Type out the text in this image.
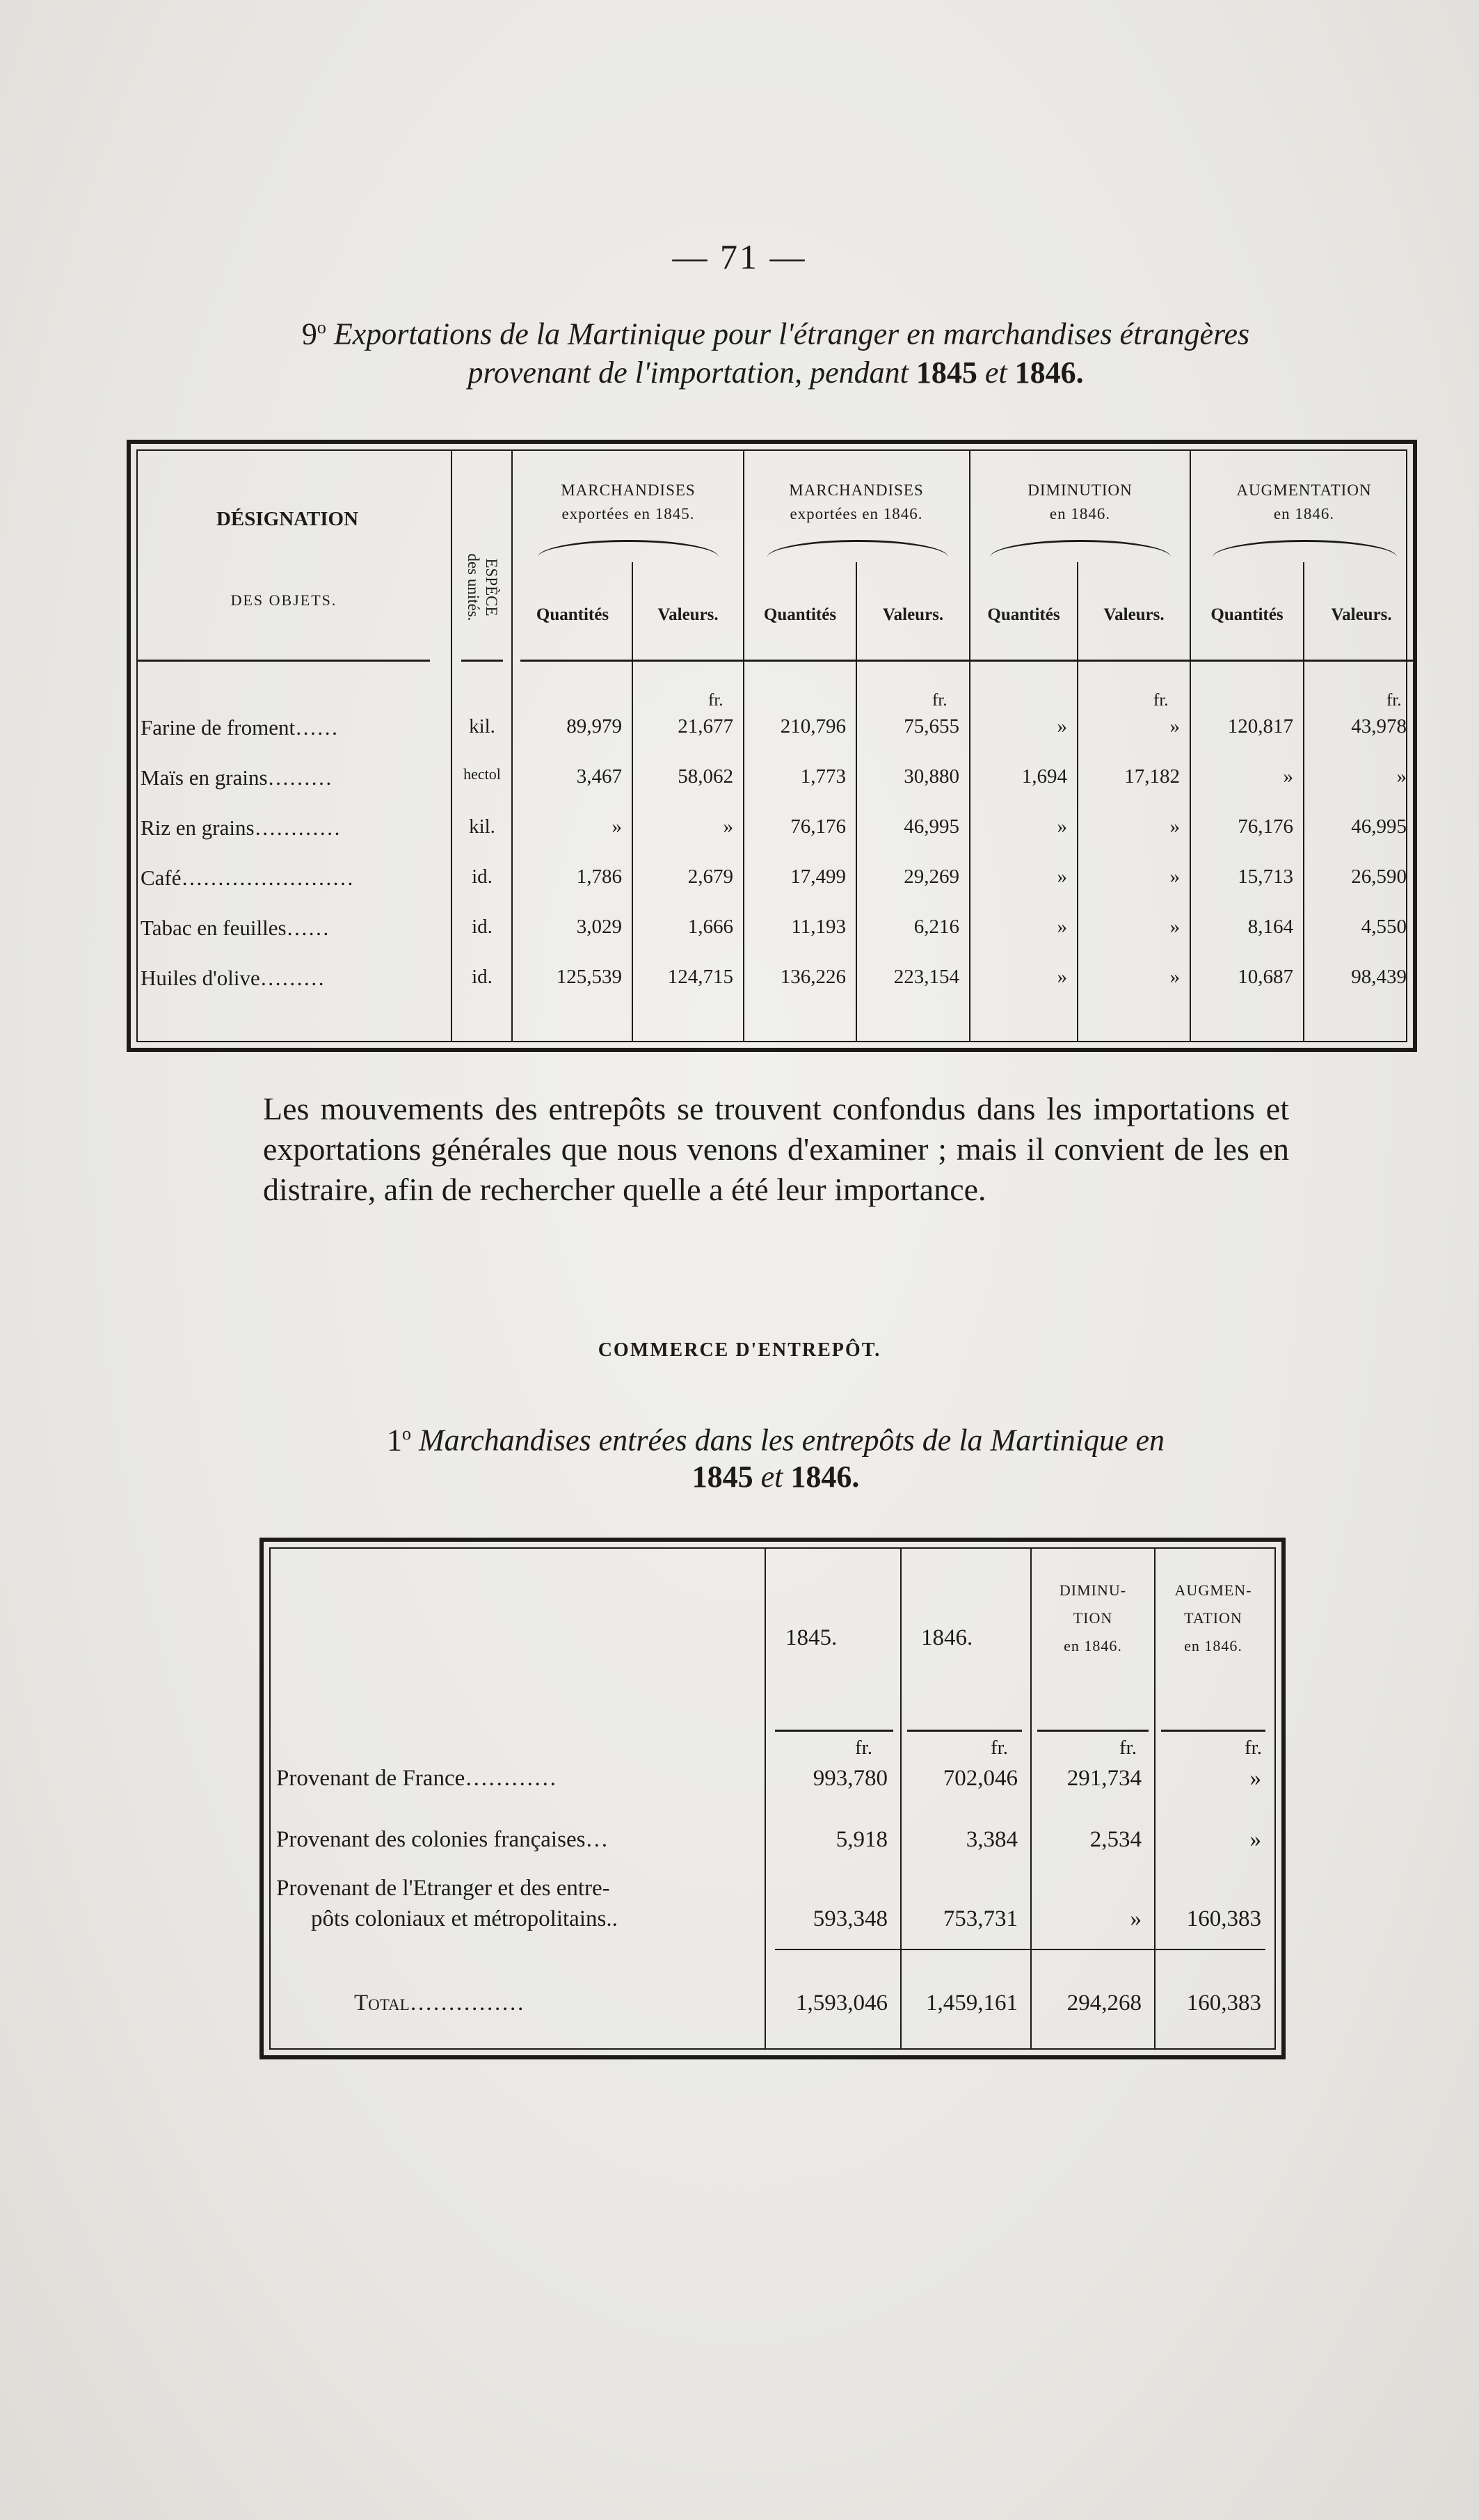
— 71 —
9$^o$ Exportations de la Martinique pour l'étranger en marchandises étrangères
provenant de l'importation, pendant 1845 et 1846.
DÉSIGNATION
DES OBJETS.	ESPÈCE des unités.
MARCHANDISES
exportées en 1845.
MARCHANDISES
exportées en 1846.
DIMINUTION
en 1846.
AUGMENTATION
en 1846.
Quantités	Valeurs.	Quantités	Valeurs.	Quantités	Valeurs.	Quantités	Valeurs.
fr.	fr.	fr.	fr.
Farine de froment……	kil.	89,979	21,677	210,796	75,655	»	»	120,817	43,978
Maïs en grains………	hectol	3,467	58,062	1,773	30,880	1,694	17,182	»	»
Riz en grains…………	kil.	»	»	76,176	46,995	»	»	76,176	46,995
Café……………………	id.	1,786	2,679	17,499	29,269	»	»	15,713	26,590
Tabac en feuilles……	id.	3,029	1,666	11,193	6,216	»	»	8,164	4,550
Huiles d'olive………	id.	125,539	124,715	136,226	223,154	»	»	10,687	98,439
Les mouvements des entrepôts se trouvent confondus dans les importations et exportations générales que nous venons d'examiner ; mais il convient de les en distraire, afin de rechercher quelle a été leur importance.
COMMERCE D'ENTREPÔT.
1$^o$ Marchandises entrées dans les entrepôts de la Martinique en
1845 et 1846.
1845.	1846.
DIMINU-
TION
en 1846.
AUGMEN-
TATION
en 1846.
fr.	fr.	fr.	fr.
Provenant de France…………	993,780	702,046	291,734	»
Provenant des colonies françaises…	5,918	3,384	2,534	»
Provenant de l'Etranger et des entre-
pôts coloniaux et métropolitains..	593,348	753,731	»	160,383
Total……………	1,593,046	1,459,161	294,268	160,383
